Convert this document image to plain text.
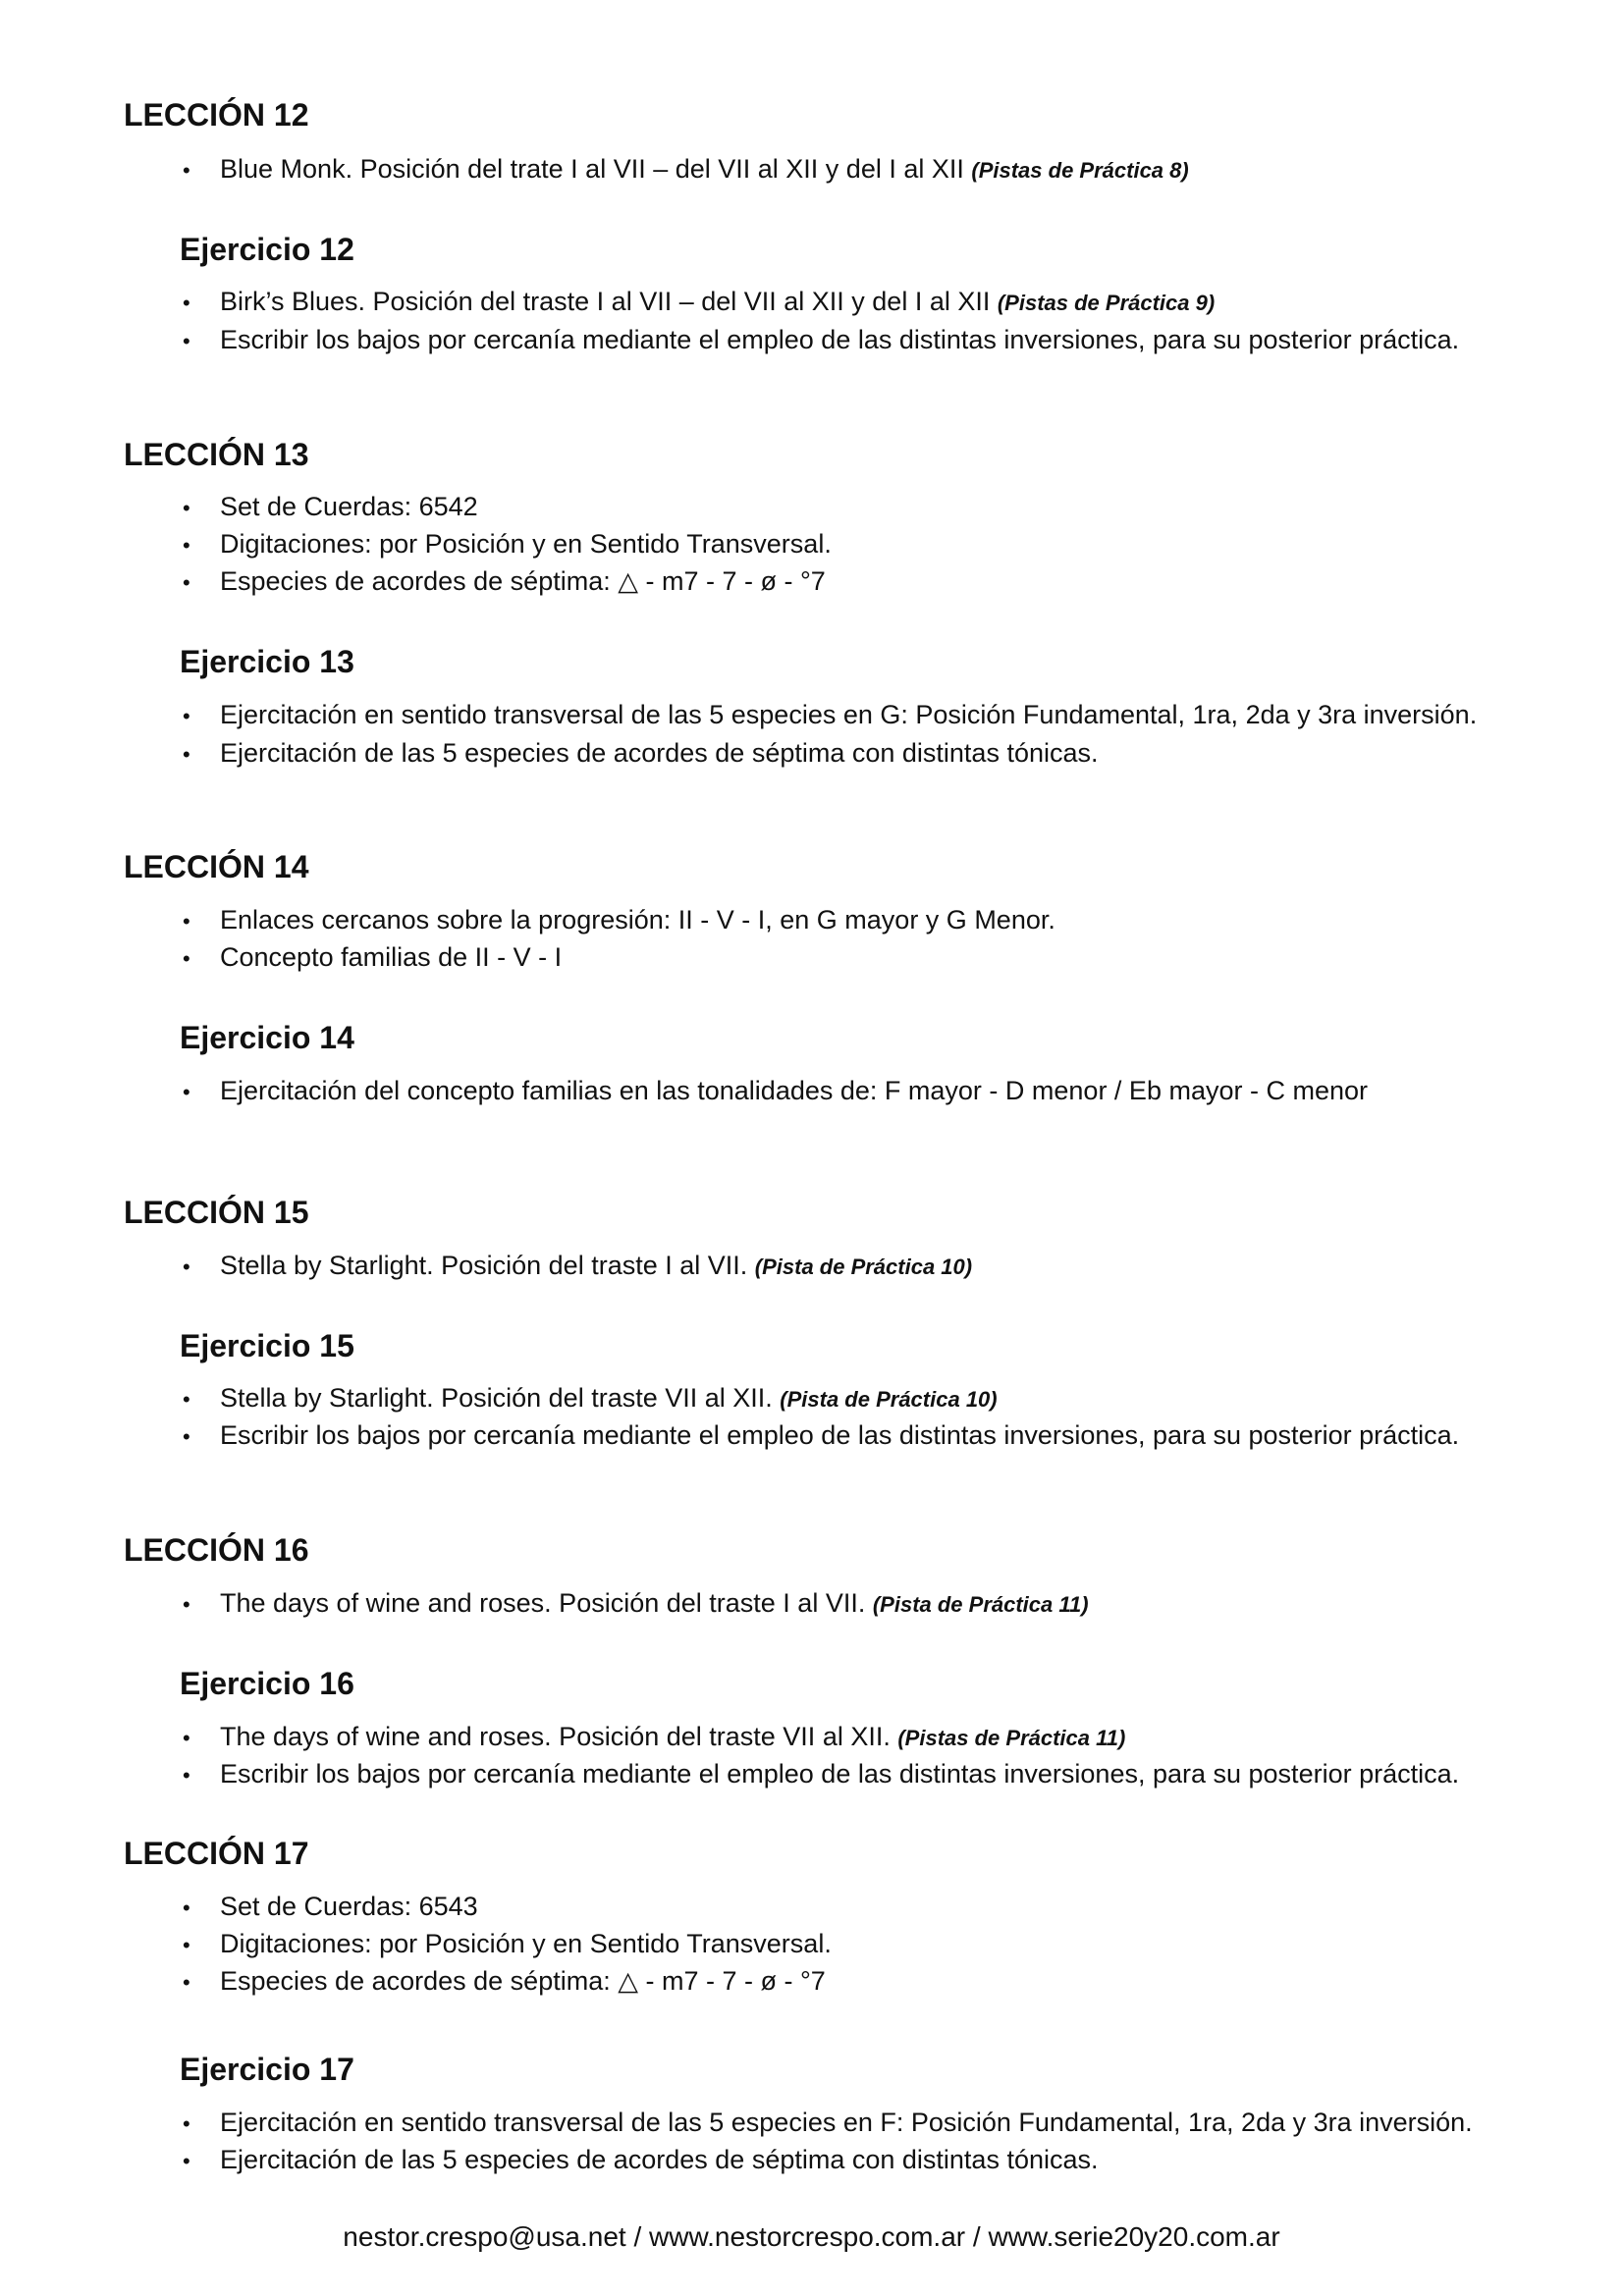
LECCIÓN 12
• Blue Monk. Posición del trate I al VII – del VII al XII y del I al XII (Pistas de Práctica 8)
Ejercicio 12
• Birk’s Blues. Posición del traste I al VII – del VII al XII y del I al XII (Pistas de Práctica 9)
• Escribir los bajos por cercanía mediante el empleo de las distintas inversiones, para su posterior práctica.
LECCIÓN 13
• Set de Cuerdas: 6542
• Digitaciones: por Posición y en Sentido Transversal.
• Especies de acordes de séptima: △ - m7 - 7 - ø - °7
Ejercicio 13
• Ejercitación en sentido transversal de las 5 especies en G: Posición Fundamental, 1ra, 2da y 3ra inversión.
• Ejercitación de las 5 especies de acordes de séptima con distintas tónicas.
LECCIÓN 14
• Enlaces cercanos sobre la progresión: II - V - I, en G mayor y G Menor.
• Concepto familias de II - V - I
Ejercicio 14
• Ejercitación del concepto familias en las tonalidades de: F mayor - D menor / Eb mayor - C menor
LECCIÓN 15
• Stella by Starlight. Posición del traste I al VII. (Pista de Práctica 10)
Ejercicio 15
• Stella by Starlight. Posición del traste VII al XII. (Pista de Práctica 10)
• Escribir los bajos por cercanía mediante el empleo de las distintas inversiones, para su posterior práctica.
LECCIÓN 16
• The days of wine and roses. Posición del traste I al VII. (Pista de Práctica 11)
Ejercicio 16
• The days of wine and roses. Posición del traste VII al XII. (Pistas de Práctica 11)
• Escribir los bajos por cercanía mediante el empleo de las distintas inversiones, para su posterior práctica.
LECCIÓN 17
• Set de Cuerdas: 6543
• Digitaciones: por Posición y en Sentido Transversal.
• Especies de acordes de séptima: △ - m7 - 7 - ø - °7
Ejercicio 17
• Ejercitación en sentido transversal de las 5 especies en F: Posición Fundamental, 1ra, 2da y 3ra inversión.
• Ejercitación de las 5 especies de acordes de séptima con distintas tónicas.
nestor.crespo@usa.net / www.nestorcrespo.com.ar / www.serie20y20.com.ar
